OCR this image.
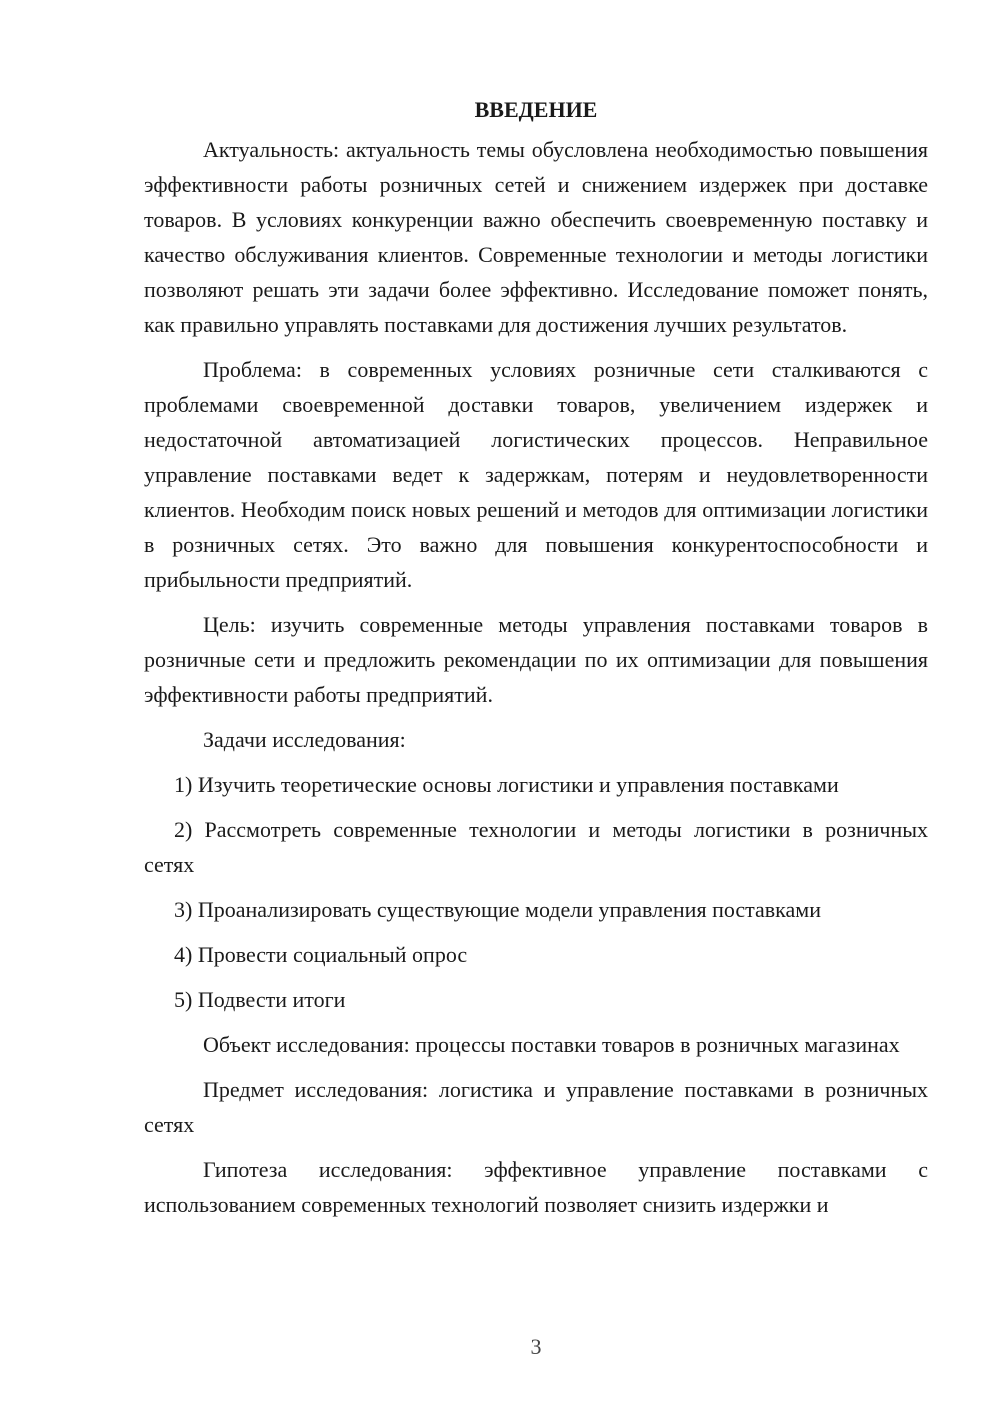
ВВЕДЕНИЕ

Актуальность: актуальность темы обусловлена необходимостью повышения эффективности работы розничных сетей и снижением издержек при доставке товаров. В условиях конкуренции важно обеспечить своевременную поставку и качество обслуживания клиентов. Современные технологии и методы логистики позволяют решать эти задачи более эффективно. Исследование поможет понять, как правильно управлять поставками для достижения лучших результатов.

Проблема: в современных условиях розничные сети сталкиваются с проблемами своевременной доставки товаров, увеличением издержек и недостаточной автоматизацией логистических процессов. Неправильное управление поставками ведет к задержкам, потерям и неудовлетворенности клиентов. Необходим поиск новых решений и методов для оптимизации логистики в розничных сетях. Это важно для повышения конкурентоспособности и прибыльности предприятий.

Цель: изучить современные методы управления поставками товаров в розничные сети и предложить рекомендации по их оптимизации для повышения эффективности работы предприятий.

Задачи исследования:

1) Изучить теоретические основы логистики и управления поставками

2) Рассмотреть современные технологии и методы логистики в розничных сетях

3) Проанализировать существующие модели управления поставками

4) Провести социальный опрос

5) Подвести итоги

Объект исследования: процессы поставки товаров в розничных магазинах

Предмет исследования: логистика и управление поставками в розничных сетях

Гипотеза исследования: эффективное управление поставками с использованием современных технологий позволяет снизить издержки и

3
